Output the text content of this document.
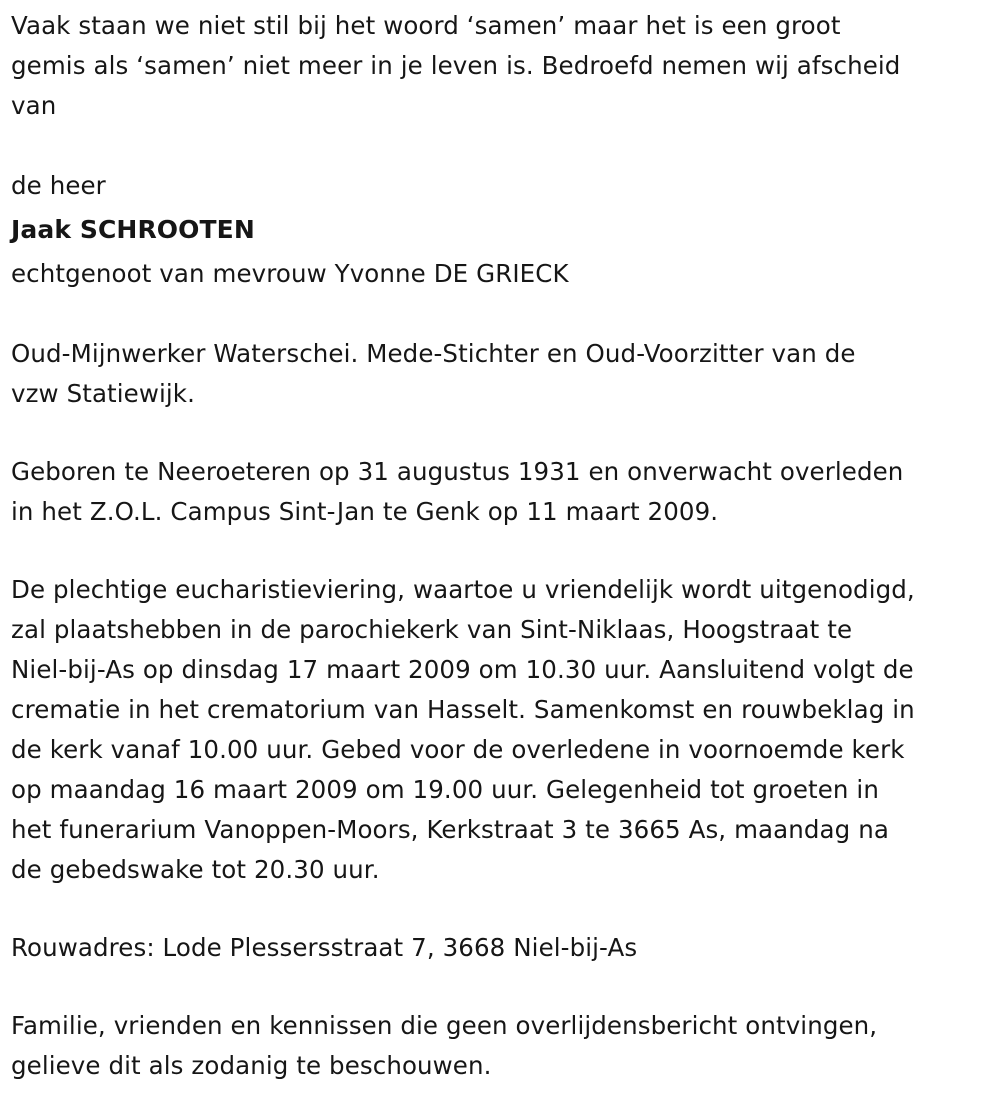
Vaak staan we niet stil bij het woord ‘samen’ maar het is een groot
gemis als ‘samen’ niet meer in je leven is. Bedroefd nemen wij afscheid
van
de heer
Jaak SCHROOTEN
echtgenoot van mevrouw Yvonne DE GRIECK
Oud-Mijnwerker Waterschei. Mede-Stichter en Oud-Voorzitter van de
vzw Statiewijk.
Geboren te Neeroeteren op 31 augustus 1931 en onverwacht overleden
in het Z.O.L. Campus Sint-Jan te Genk op 11 maart 2009.
De plechtige eucharistieviering, waartoe u vriendelijk wordt uitgenodigd,
zal plaatshebben in de parochiekerk van Sint-Niklaas, Hoogstraat te
Niel-bij-As op dinsdag 17 maart 2009 om 10.30 uur. Aansluitend volgt de
crematie in het crematorium van Hasselt. Samenkomst en rouwbeklag in
de kerk vanaf 10.00 uur. Gebed voor de overledene in voornoemde kerk
op maandag 16 maart 2009 om 19.00 uur. Gelegenheid tot groeten in
het funerarium Vanoppen-Moors, Kerkstraat 3 te 3665 As, maandag na
de gebedswake tot 20.30 uur.
Rouwadres: Lode Plessersstraat 7, 3668 Niel-bij-As
Familie, vrienden en kennissen die geen overlijdensbericht ontvingen,
gelieve dit als zodanig te beschouwen.
